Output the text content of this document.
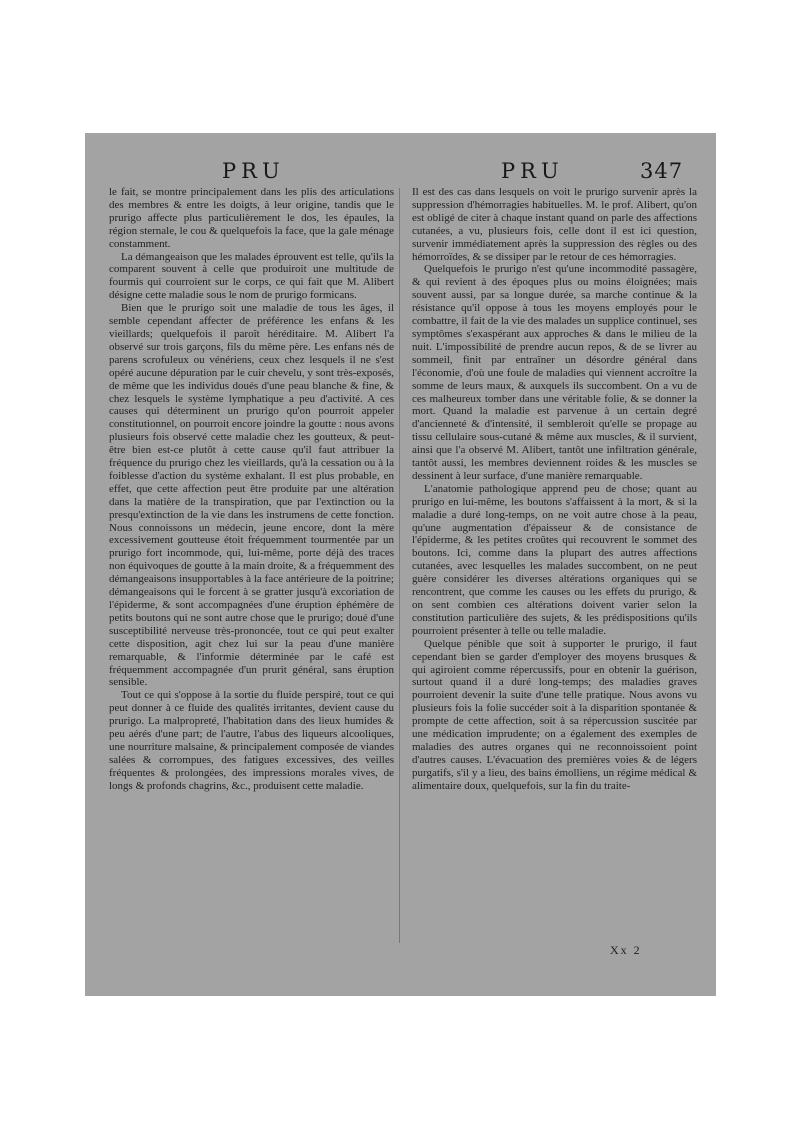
PRU	PRU	347

le fait, se montre principalement dans les plis des articulations des membres & entre les doigts, à leur origine, tandis que le prurigo affecte plus particulièrement le dos, les épaules, la région sternale, le cou & quelquefois la face, que la gale ménage constamment.

La démangeaison que les malades éprouvent est telle, qu'ils la comparent souvent à celle que produiroit une multitude de fourmis qui courroient sur le corps, ce qui fait que M. Alibert désigne cette maladie sous le nom de prurigo formicans.

Bien que le prurigo soit une maladie de tous les âges, il semble cependant affecter de préférence les enfans & les vieillards; quelquefois il paroît héréditaire. M. Alibert l'a observé sur trois garçons, fils du même père. Les enfans nés de parens scrofuleux ou vénériens, ceux chez lesquels il ne s'est opéré aucune dépuration par le cuir chevelu, y sont très-exposés, de même que les individus doués d'une peau blanche & fine, & chez lesquels le système lymphatique a peu d'activité. A ces causes qui déterminent un prurigo qu'on pourroit appeler constitutionnel, on pourroit encore joindre la goutte : nous avons plusieurs fois observé cette maladie chez les goutteux, & peut-être bien est-ce plutôt à cette cause qu'il faut attribuer la fréquence du prurigo chez les vieillards, qu'à la cessation ou à la foiblesse d'action du système exhalant. Il est plus probable, en effet, que cette affection peut être produite par une altération dans la matière de la transpiration, que par l'extinction ou la presqu'extinction de la vie dans les instrumens de cette fonction. Nous connoissons un médecin, jeune encore, dont la mère excessivement goutteuse étoit fréquemment tourmentée par un prurigo fort incommode, qui, lui-même, porte déjà des traces non équivoques de goutte à la main droite, & a fréquemment des démangeaisons insupportables à la face antérieure de la poitrine; démangeaisons qui le forcent à se gratter jusqu'à excoriation de l'épiderme, & sont accompagnées d'une éruption éphémère de petits boutons qui ne sont autre chose que le prurigo; doué d'une susceptibilité nerveuse très-prononcée, tout ce qui peut exalter cette disposition, agit chez lui sur la peau d'une manière remarquable, & l'informie déterminée par le café est fréquemment accompagnée d'un prurit général, sans éruption sensible.

Tout ce qui s'oppose à la sortie du fluide perspiré, tout ce qui peut donner à ce fluide des qualités irritantes, devient cause du prurigo. La malpropreté, l'habitation dans des lieux humides & peu aérés d'une part; de l'autre, l'abus des liqueurs alcooliques, une nourriture malsaine, & principalement composée de viandes salées & corrompues, des fatigues excessives, des veilles fréquentes & prolongées, des impressions morales vives, de longs & profonds chagrins, &c., produisent cette maladie.

Il est des cas dans lesquels on voit le prurigo survenir après la suppression d'hémorragies habituelles. M. le prof. Alibert, qu'on est obligé de citer à chaque instant quand on parle des affections cutanées, a vu, plusieurs fois, celle dont il est ici question, survenir immédiatement après la suppression des règles ou des hémorroïdes, & se dissiper par le retour de ces hémorragies.

Quelquefois le prurigo n'est qu'une incommodité passagère, & qui revient à des époques plus ou moins éloignées; mais souvent aussi, par sa longue durée, sa marche continue & la résistance qu'il oppose à tous les moyens employés pour le combattre, il fait de la vie des malades un supplice continuel, ses symptômes s'exaspérant aux approches & dans le milieu de la nuit. L'impossibilité de prendre aucun repos, & de se livrer au sommeil, finit par entraîner un désordre général dans l'économie, d'où une foule de maladies qui viennent accroître la somme de leurs maux, & auxquels ils succombent. On a vu de ces malheureux tomber dans une véritable folie, & se donner la mort. Quand la maladie est parvenue à un certain degré d'ancienneté & d'intensité, il sembleroit qu'elle se propage au tissu cellulaire sous-cutané & même aux muscles, & il survient, ainsi que l'a observé M. Alibert, tantôt une infiltration générale, tantôt aussi, les membres deviennent roides & les muscles se dessinent à leur surface, d'une manière remarquable.

L'anatomie pathologique apprend peu de chose; quant au prurigo en lui-même, les boutons s'affaissent à la mort, & si la maladie a duré long-temps, on ne voit autre chose à la peau, qu'une augmentation d'épaisseur & de consistance de l'épiderme, & les petites croûtes qui recouvrent le sommet des boutons. Ici, comme dans la plupart des autres affections cutanées, avec lesquelles les malades succombent, on ne peut guère considérer les diverses altérations organiques qui se rencontrent, que comme les causes ou les effets du prurigo, & on sent combien ces altérations doivent varier selon la constitution particulière des sujets, & les prédispositions qu'ils pourroient présenter à telle ou telle maladie.

Quelque pénible que soit à supporter le prurigo, il faut cependant bien se garder d'employer des moyens brusques & qui agiroient comme répercussifs, pour en obtenir la guérison, surtout quand il a duré long-temps; des maladies graves pourroient devenir la suite d'une telle pratique. Nous avons vu plusieurs fois la folie succéder soit à la disparition spontanée & prompte de cette affection, soit à sa répercussion suscitée par une médication imprudente; on a également des exemples de maladies des autres organes qui ne reconnoissoient point d'autres causes. L'évacuation des premières voies & de légers purgatifs, s'il y a lieu, des bains émolliens, un régime médical & alimentaire doux, quelquefois, sur la fin du traite-

Xx 2
